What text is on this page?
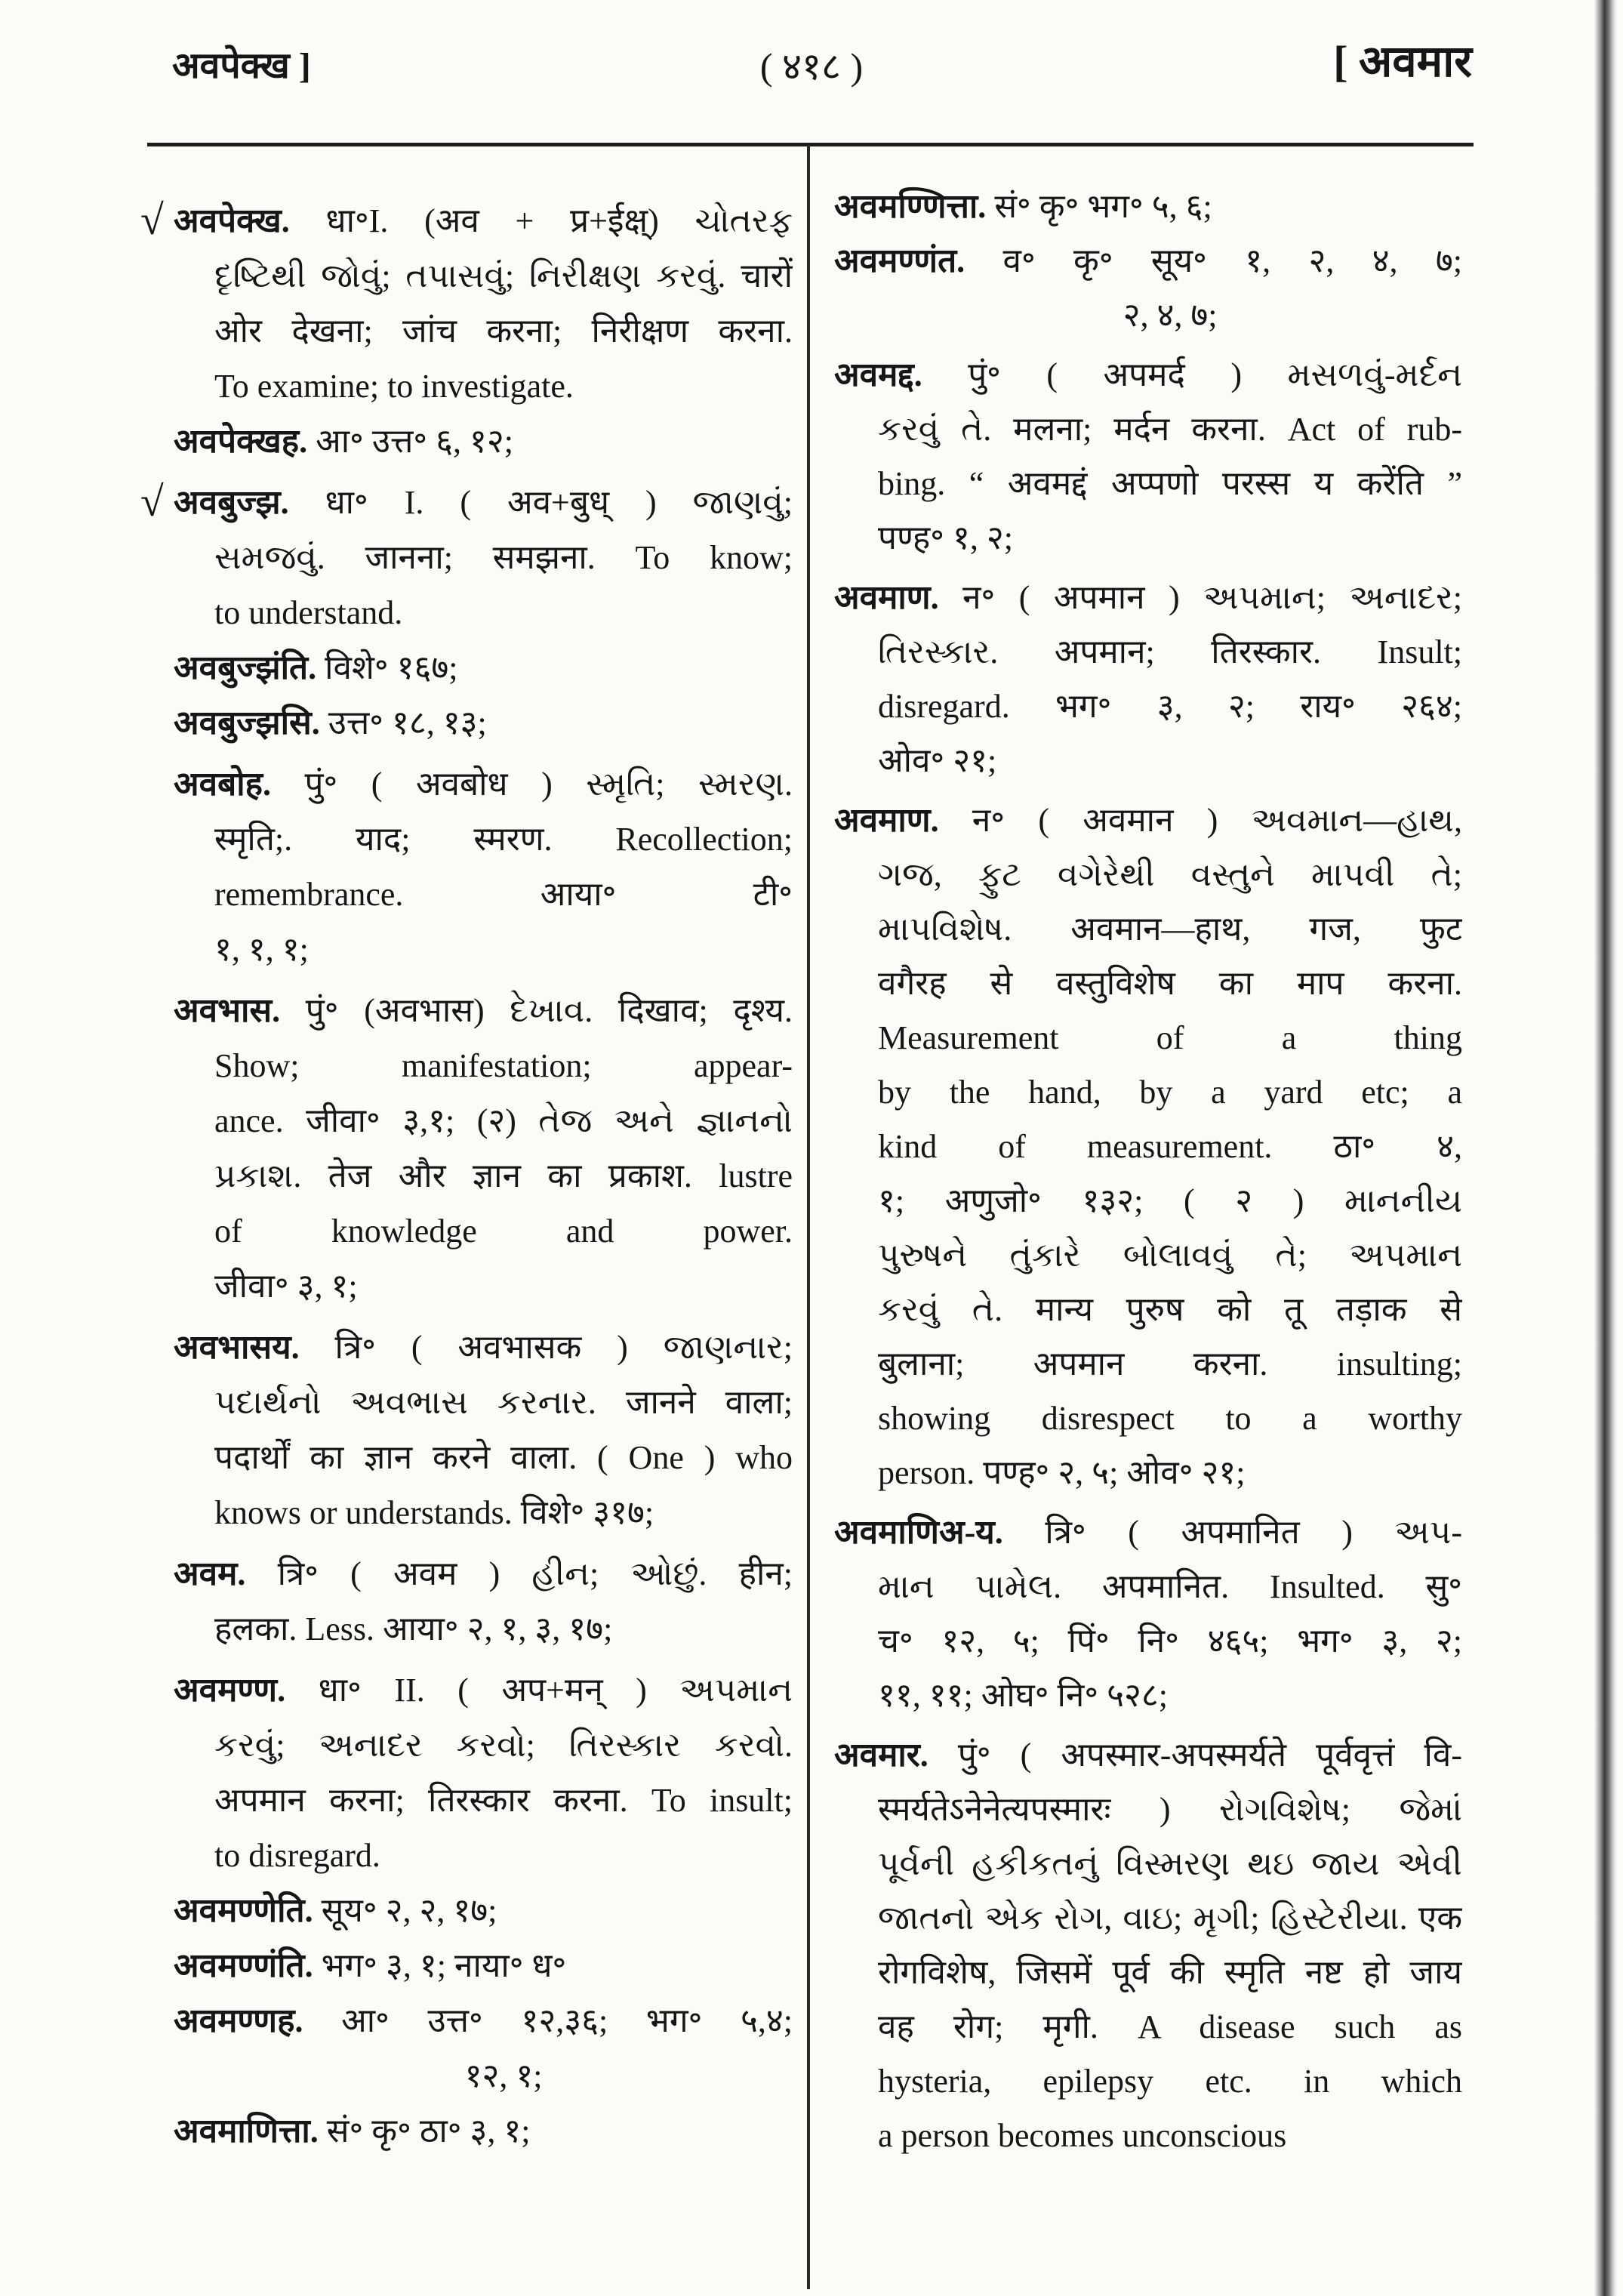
अवपेक्ख ]	( ४१८ )	[ अवमार
√ अवपेक्ख. धा॰I. (अव + प्र+ईक्ष्) ચોતરફ
દૃષ્ટિથી જોવું; તપાસવું; નિરીક્ષણ કરવું. चारों
ओर देखना; जांच करना; निरीक्षण करना.
To examine; to investigate.
अवपेक्खह. आ॰ उत्त॰ ६, १२;
√ अवबुज्झ. धा॰ I. ( अव+बुध् ) જાણવું;
સમજવું. जानना; समझना. To know;
to understand.
अवबुज्झंति. विशे॰ १६७;
अवबुज्झसि. उत्त॰ १८, १३;
अवबोह. पुं॰ ( अवबोध ) સ્મૃતિ; સ્મરણ.
स्मृति;. याद; स्मरण. Recollection;
remembrance. आया॰ टी॰
१, १, १;
अवभास. पुं॰ (अवभास) દેખાવ. दिखाव; दृश्य.
Show; manifestation; appear-
ance. जीवा॰ ३,१; (२) તેજ અને જ્ઞાનનો
પ્રકાશ. तेज और ज्ञान का प्रकाश. lustre
of knowledge and power.
जीवा॰ ३, १;
अवभासय. त्रि॰ ( अवभासक ) જાણનાર;
પદાર્થનો અવભાસ કરનાર. जानने वाला;
पदार्थों का ज्ञान करने वाला. ( One ) who
knows or understands. विशे॰ ३१७;
अवम. त्रि॰ ( अवम ) હીન; ઓછું. हीन;
हलका. Less. आया॰ २, १, ३, १७;
अवमण्ण. धा॰ II. ( अप+मन् ) અપમાન
કરવું; અનાદર કરવો; તિરસ્કાર કરવો.
अपमान करना; तिरस्कार करना. To insult;
to disregard.
अवमण्णेति. सूय॰ २, २, १७;
अवमण्णंति. भग॰ ३, १; नाया॰ ध॰
अवमण्णह. आ॰ उत्त॰ १२,३६; भग॰ ५,४;
१२, १;
अवमाणित्ता. सं॰ कृ॰ ठा॰ ३, १;
अवमण्णित्ता. सं॰ कृ॰ भग॰ ५, ६;
अवमण्णंत. व॰ कृ॰ सूय॰ १, २, ४, ७;
२, ४, ७;
अवमद्द. पुं॰ ( अपमर्द ) મસળવું-મર્દન
કરવું તે. मलना; मर्दन करना. Act of rub-
bing. “ अवमद्दं अप्पणो परस्स य करेंति ”
पण्ह॰ १, २;
अवमाण. न॰ ( अपमान ) અપમાન; અનાદર;
તિરસ્કાર. अपमान; तिरस्कार. Insult;
disregard. भग॰ ३, २; राय॰ २६४;
ओव॰ २१;
अवमाण. न॰ ( अवमान ) અવમાન—હાથ,
ગજ, ફુટ વગેરેથી વસ્તુને માપવી તે;
માપવિશેષ. अवमान—हाथ, गज, फुट
वगैरह से वस्तुविशेष का माप करना.
Measurement of a thing
by the hand, by a yard etc; a
kind of measurement. ठा॰ ४,
१; अणुजो॰ १३२; ( २ ) માનનીય
પુરુષને તુંકારે બોલાવવું તે; અપમાન
કરવું તે. मान्य पुरुष को तू तड़ाक से
बुलाना; अपमान करना. insulting;
showing disrespect to a worthy
person. पण्ह॰ २, ५; ओव॰ २१;
अवमाणिअ-य. त्रि॰ ( अपमानित ) અપ-
માન પામેલ. अपमानित. Insulted. सु॰
च॰ १२, ५; पिं॰ नि॰ ४६५; भग॰ ३, २;
११, ११; ओघ॰ नि॰ ५२८;
अवमार. पुं॰ ( अपस्मार-अपस्मर्यते पूर्ववृत्तं वि-
स्मर्यतेऽनेनेत्यपस्मारः ) રોગવિશેષ; જેમાં
પૂર્વની હકીકતનું વિસ્મરણ થઇ જાય એવી
જાતનો એક રોગ, વાઇ; મૃગી; હિસ્ટેરીયા. एक
रोगविशेष, जिसमें पूर्व की स्मृति नष्ट हो जाय
वह रोग; मृगी. A disease such as
hysteria, epilepsy etc. in which
a person becomes unconscious
